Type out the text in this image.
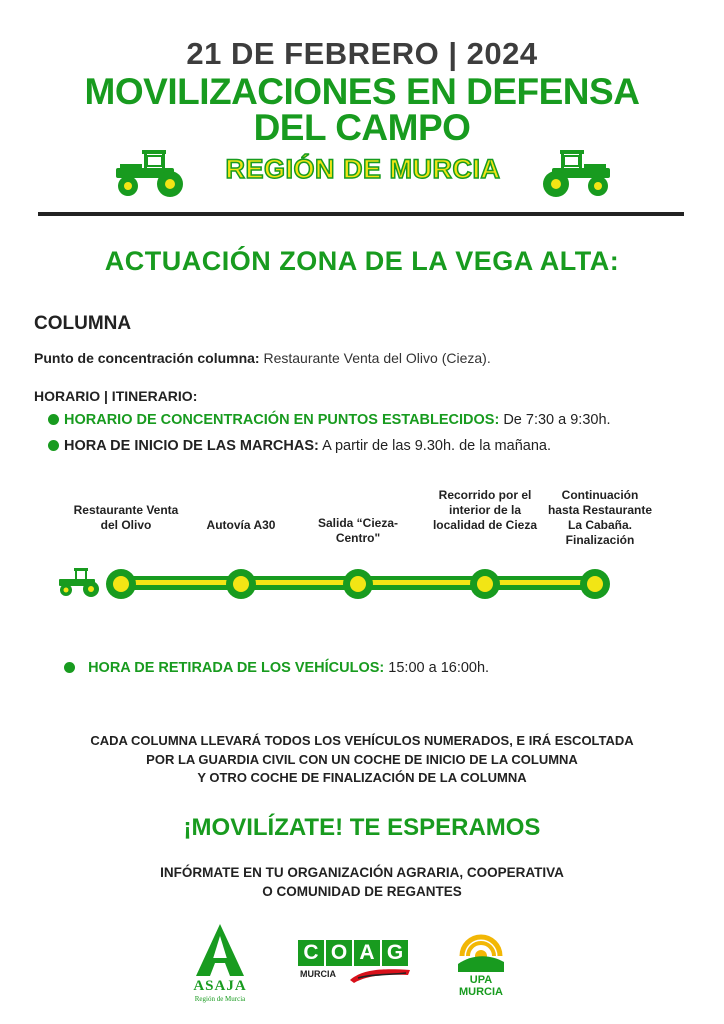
21 DE FEBRERO | 2024
MOVILIZACIONES EN DEFENSA
DEL CAMPO
REGIÓN DE MURCIA
ACTUACIÓN ZONA DE LA VEGA ALTA:
COLUMNA
Punto de concentración columna: Restaurante Venta del Olivo (Cieza).
HORARIO | ITINERARIO:
HORARIO DE CONCENTRACIÓN EN PUNTOS ESTABLECIDOS: De 7:30 a 9:30h.
HORA DE INICIO DE LAS MARCHAS: A partir de las 9.30h. de la mañana.
Restaurante Venta del Olivo	Autovía A30	Salida “Cieza-Centro"
Recorrido por el interior de la localidad de Cieza
Continuación hasta Restaurante La Cabaña. Finalización
HORA DE RETIRADA DE LOS VEHÍCULOS: 15:00 a 16:00h.
CADA COLUMNA LLEVARÁ TODOS LOS VEHÍCULOS NUMERADOS, E IRÁ ESCOLTADA
POR LA GUARDIA CIVIL CON UN COCHE DE INICIO DE LA COLUMNA
Y OTRO COCHE DE FINALIZACIÓN DE LA COLUMNA
¡MOVILÍZATE! TE ESPERAMOS
INFÓRMATE EN TU ORGANIZACIÓN AGRARIA, COOPERATIVA
O COMUNIDAD DE REGANTES
ASAJA
Región de Murcia
C O A G
MURCIA	UPA
MURCIA
